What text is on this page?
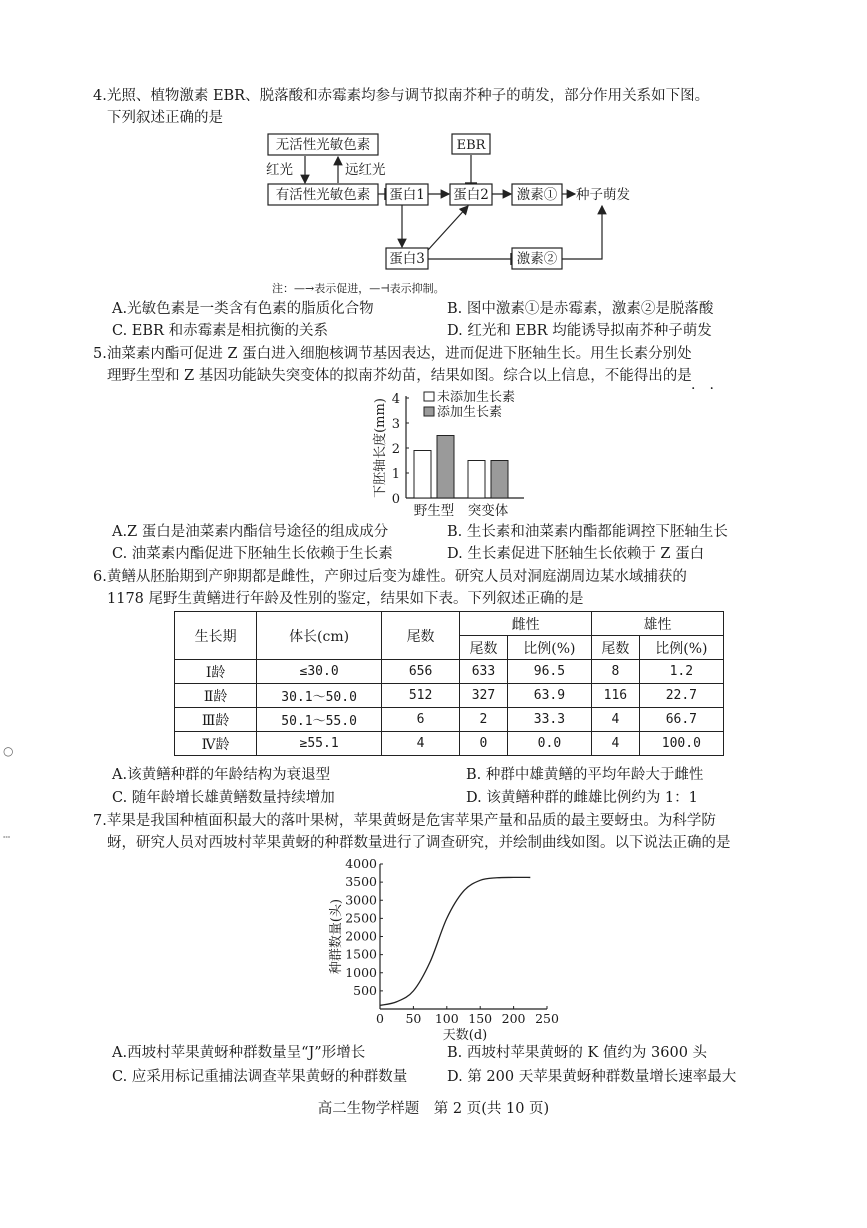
○
┄
4.光照、植物激素 EBR、脱落酸和赤霉素均参与调节拟南芥种子的萌发，部分作用关系如下图。
下列叙述正确的是
无活性光敏色素
有活性光敏色素
红光	远红光
EBR
蛋白1 蛋白2 激素① 种子萌发
蛋白3	激素②
注：—→表示促进，—⊣表示抑制。
A.光敏色素是一类含有色素的脂质化合物	B. 图中激素①是赤霉素，激素②是脱落酸
C. EBR 和赤霉素是相抗衡的关系	D. 红光和 EBR 均能诱导拟南芥种子萌发
5.油菜素内酯可促进 Z 蛋白进入细胞核调节基因表达，进而促进下胚轴生长。用生长素分别处
理野生型和 Z 基因功能缺失突变体的拟南芥幼苗，结果如图。综合以上信息，不能得出的是
·　·
0
1
2
3
4
下胚轴长度(mm)
野生型 突变体
未添加生长素
添加生长素
A.Z 蛋白是油菜素内酯信号途径的组成成分	B. 生长素和油菜素内酯都能调控下胚轴生长
C. 油菜素内酯促进下胚轴生长依赖于生长素	D. 生长素促进下胚轴生长依赖于 Z 蛋白
6.黄鳝从胚胎期到产卵期都是雌性，产卵过后变为雄性。研究人员对洞庭湖周边某水域捕获的
1178 尾野生黄鳝进行年龄及性别的鉴定，结果如下表。下列叙述正确的是
生长期	体长(cm)	尾数	雌性		雄性	
			尾数	比例(%)	尾数	比例(%)
Ⅰ龄	≤30.0	656	633	96.5	8	1.2
Ⅱ龄	30.1～50.0	512	327	63.9	116	22.7
Ⅲ龄	50.1～55.0	6	2	33.3	4	66.7
Ⅳ龄	≥55.1	4	0	0.0	4	100.0
A.该黄鳝种群的年龄结构为衰退型	B. 种群中雄黄鳝的平均年龄大于雌性
C. 随年龄增长雄黄鳝数量持续增加	D. 该黄鳝种群的雌雄比例约为 1：1
7.苹果是我国种植面积最大的落叶果树，苹果黄蚜是危害苹果产量和品质的最主要蚜虫。为科学防
蚜，研究人员对西坡村苹果黄蚜的种群数量进行了调查研究，并绘制曲线如图。以下说法正确的是
500
1000
1500
2000
2500
3000
3500
4000
0 50 100 150 200 250
天数(d)
种群数量(头)
A.西坡村苹果黄蚜种群数量呈“J”形增长	B. 西坡村苹果黄蚜的 K 值约为 3600 头
C. 应采用标记重捕法调查苹果黄蚜的种群数量	D. 第 200 天苹果黄蚜种群数量增长速率最大
高二生物学样题　第 2 页(共 10 页)
